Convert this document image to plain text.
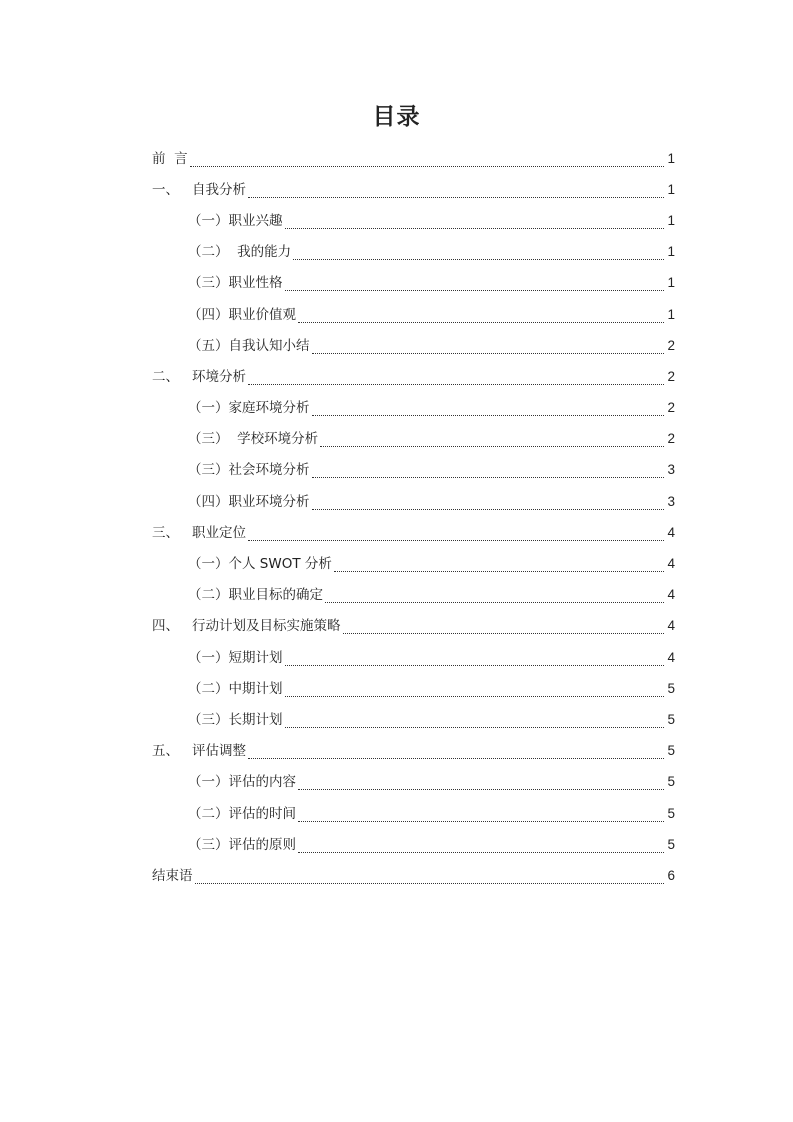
目录
前  言	1
一、 自我分析	1
（一） 职业兴趣	1
（二） 我的能力	1
（三） 职业性格	1
（四） 职业价值观	1
（五） 自我认知小结	2
二、 环境分析	2
（一） 家庭环境分析	2
（三） 学校环境分析	2
（三） 社会环境分析	3
（四） 职业环境分析	3
三、 职业定位	4
（一） 个人 SWOT 分析	4
（二） 职业目标的确定	4
四、 行动计划及目标实施策略	4
（一） 短期计划	4
（二） 中期计划	5
（三） 长期计划	5
五、 评估调整	5
（一） 评估的内容	5
（二） 评估的时间	5
（三） 评估的原则	5
结束语	6
